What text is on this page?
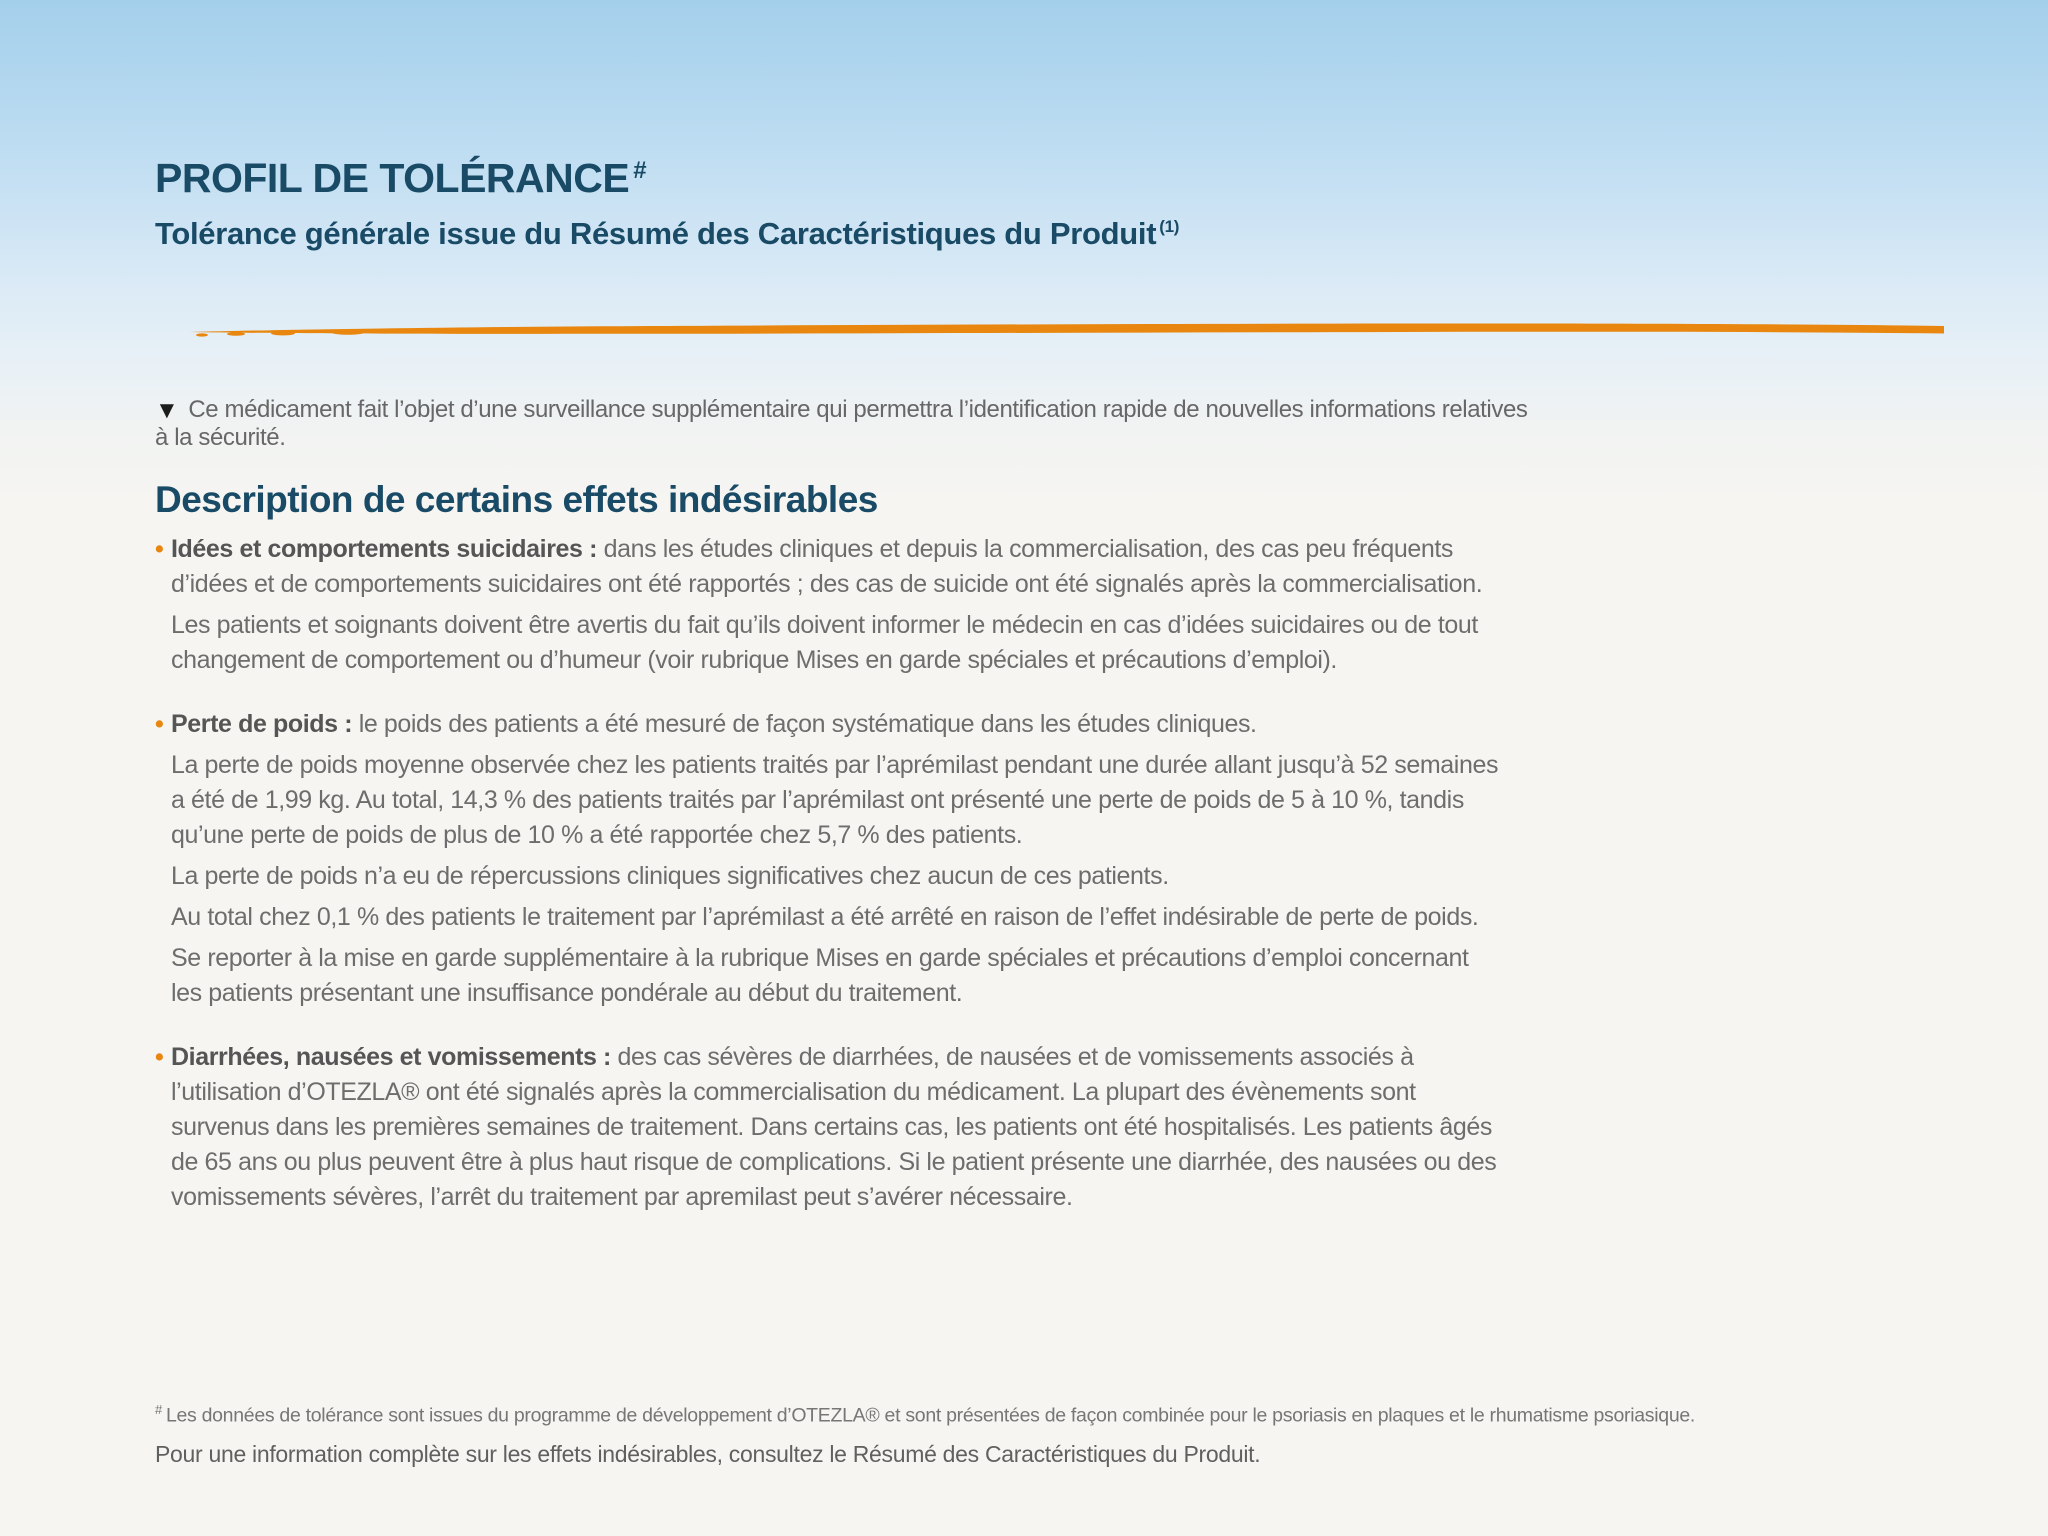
PROFIL DE TOLÉRANCE #
Tolérance générale issue du Résumé des Caractéristiques du Produit $^{(1)}$

▼ Ce médicament fait l’objet d’une surveillance supplémentaire qui permettra l’identification rapide de nouvelles informations relatives à la sécurité.

Description de certains effets indésirables

• Idées et comportements suicidaires : dans les études cliniques et depuis la commercialisation, des cas peu fréquents d’idées et de comportements suicidaires ont été rapportés ; des cas de suicide ont été signalés après la commercialisation.

Les patients et soignants doivent être avertis du fait qu’ils doivent informer le médecin en cas d’idées suicidaires ou de tout changement de comportement ou d’humeur (voir rubrique Mises en garde spéciales et précautions d’emploi).

• Perte de poids : le poids des patients a été mesuré de façon systématique dans les études cliniques.

La perte de poids moyenne observée chez les patients traités par l’aprémilast pendant une durée allant jusqu’à 52 semaines a été de 1,99 kg. Au total, 14,3 % des patients traités par l’aprémilast ont présenté une perte de poids de 5 à 10 %, tandis qu’une perte de poids de plus de 10 % a été rapportée chez 5,7 % des patients.

La perte de poids n’a eu de répercussions cliniques significatives chez aucun de ces patients.

Au total chez 0,1 % des patients le traitement par l’aprémilast a été arrêté en raison de l’effet indésirable de perte de poids.

Se reporter à la mise en garde supplémentaire à la rubrique Mises en garde spéciales et précautions d’emploi concernant les patients présentant une insuffisance pondérale au début du traitement.

• Diarrhées, nausées et vomissements : des cas sévères de diarrhées, de nausées et de vomissements associés à l’utilisation d’OTEZLA® ont été signalés après la commercialisation du médicament. La plupart des évènements sont survenus dans les premières semaines de traitement. Dans certains cas, les patients ont été hospitalisés. Les patients âgés de 65 ans ou plus peuvent être à plus haut risque de complications. Si le patient présente une diarrhée, des nausées ou des vomissements sévères, l’arrêt du traitement par apremilast peut s’avérer nécessaire.

# Les données de tolérance sont issues du programme de développement d’OTEZLA® et sont présentées de façon combinée pour le psoriasis en plaques et le rhumatisme psoriasique.

Pour une information complète sur les effets indésirables, consultez le Résumé des Caractéristiques du Produit.
